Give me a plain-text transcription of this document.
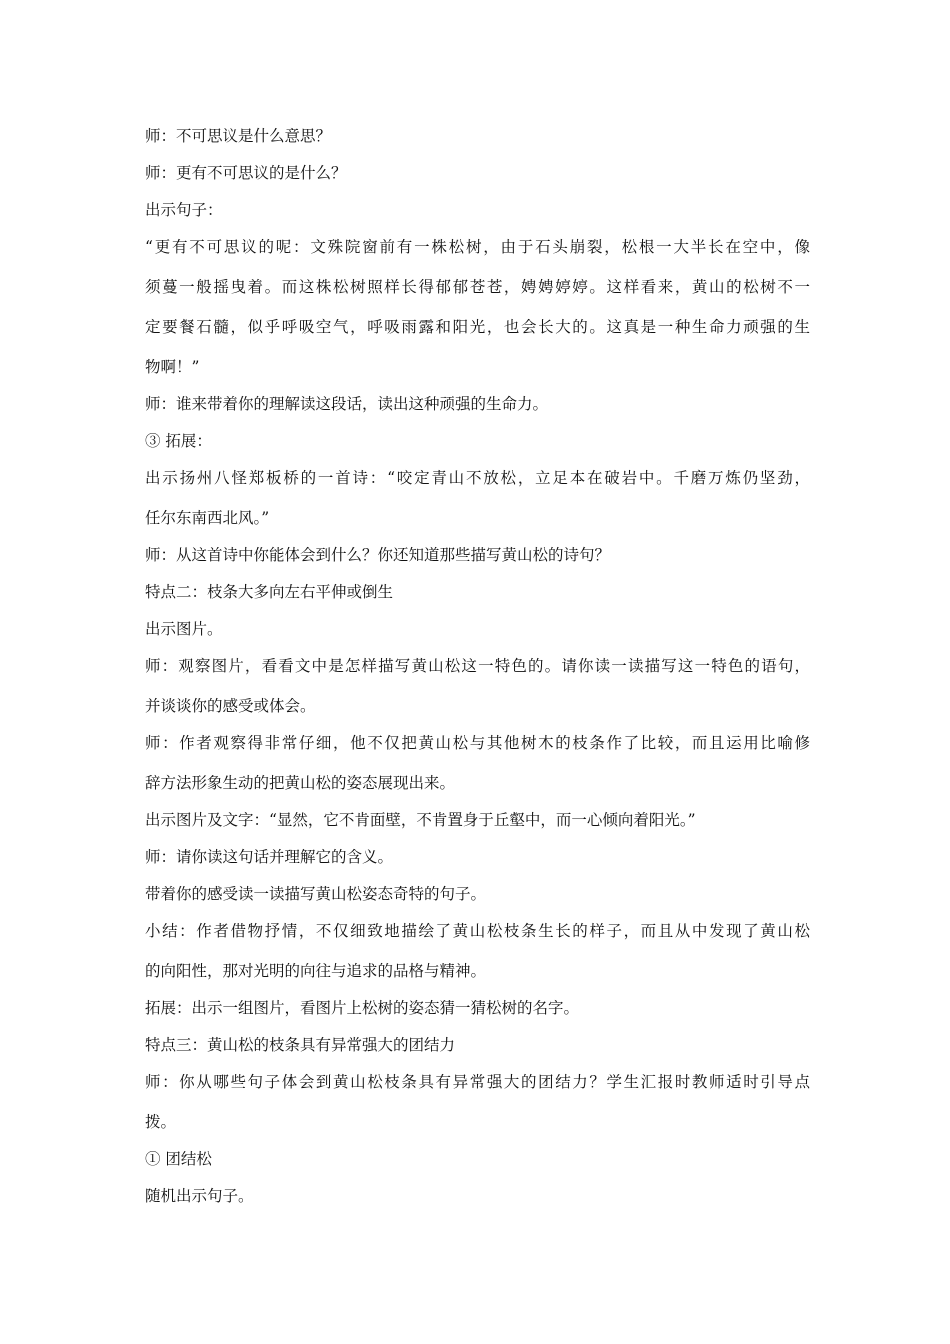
师：不可思议是什么意思？

师：更有不可思议的是什么？

出示句子：

“更有不可思议的呢：文殊院窗前有一株松树，由于石头崩裂，松根一大半长在空中，像

须蔓一般摇曳着。而这株松树照样长得郁郁苍苍，娉娉婷婷。这样看来，黄山的松树不一

定要餐石髓，似乎呼吸空气，呼吸雨露和阳光，也会长大的。这真是一种生命力顽强的生

物啊！”

师：谁来带着你的理解读这段话，读出这种顽强的生命力。

③ 拓展：

出示扬州八怪郑板桥的一首诗：“咬定青山不放松，立足本在破岩中。千磨万炼仍坚劲，

任尔东南西北风。”

师：从这首诗中你能体会到什么？你还知道那些描写黄山松的诗句？

特点二：枝条大多向左右平伸或倒生

出示图片。

师：观察图片，看看文中是怎样描写黄山松这一特色的。请你读一读描写这一特色的语句，

并谈谈你的感受或体会。

师：作者观察得非常仔细，他不仅把黄山松与其他树木的枝条作了比较，而且运用比喻修

辞方法形象生动的把黄山松的姿态展现出来。

出示图片及文字：“显然，它不肯面壁，不肯置身于丘壑中，而一心倾向着阳光。”

师：请你读这句话并理解它的含义。

带着你的感受读一读描写黄山松姿态奇特的句子。

小结：作者借物抒情，不仅细致地描绘了黄山松枝条生长的样子，而且从中发现了黄山松

的向阳性，那对光明的向往与追求的品格与精神。

拓展：出示一组图片，看图片上松树的姿态猜一猜松树的名字。

特点三：黄山松的枝条具有异常强大的团结力

师：你从哪些句子体会到黄山松枝条具有异常强大的团结力？学生汇报时教师适时引导点

拨。

① 团结松

随机出示句子。
